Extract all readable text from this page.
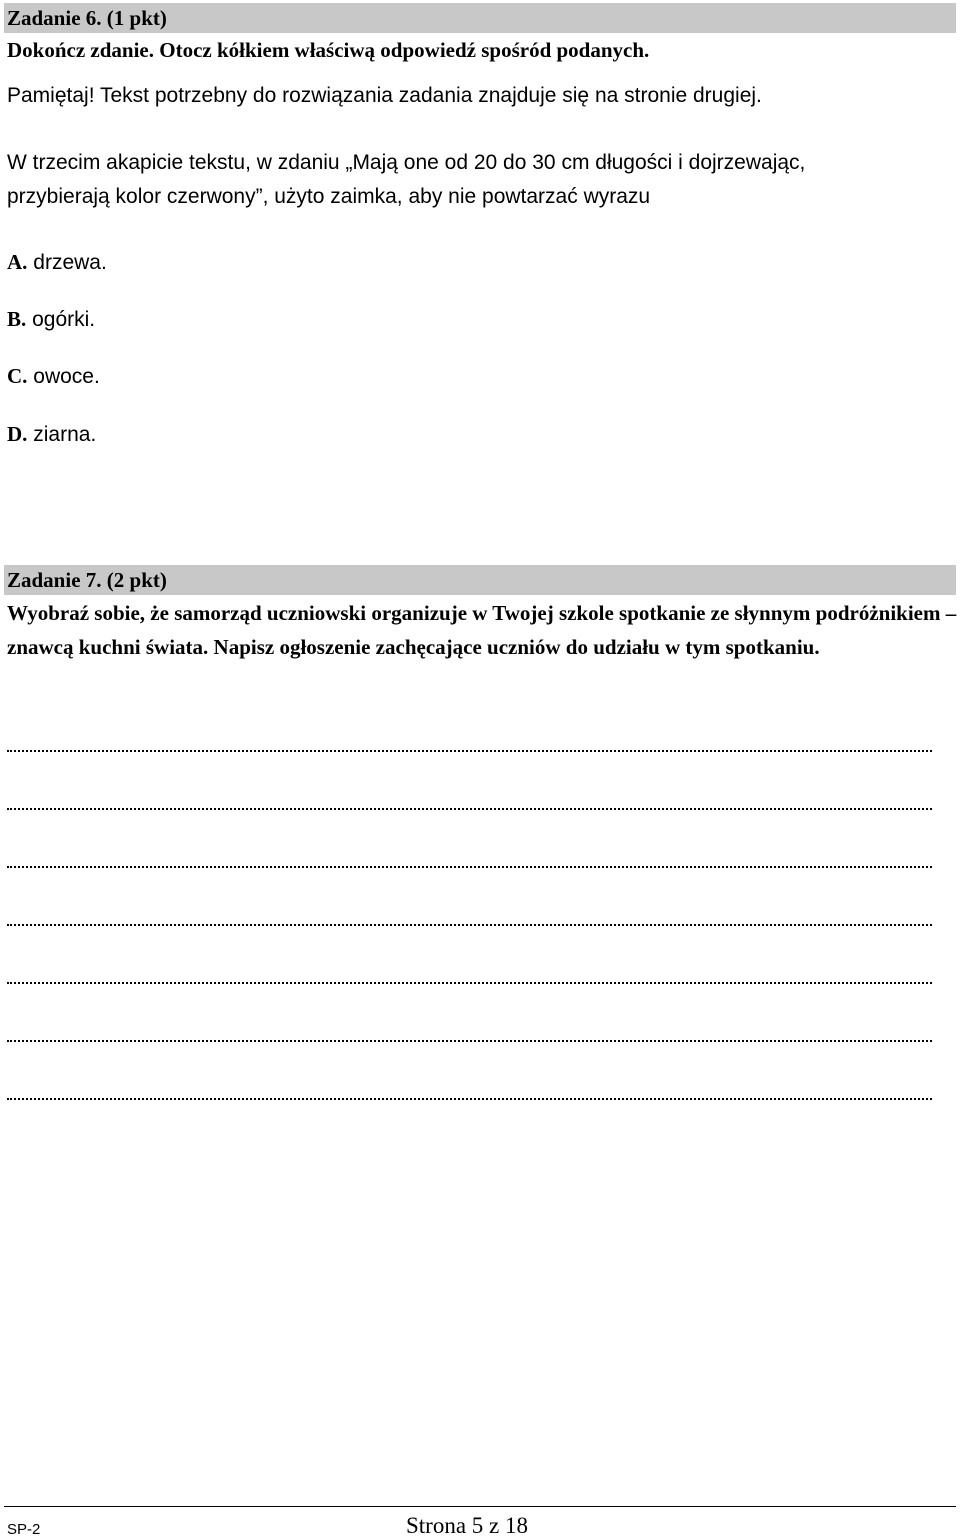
Zadanie 6. (1 pkt)
Dokończ zdanie. Otocz kółkiem właściwą odpowiedź spośród podanych.
Pamiętaj! Tekst potrzebny do rozwiązania zadania znajduje się na stronie drugiej.
W trzecim akapicie tekstu, w zdaniu „Mają one od 20 do 30 cm długości i dojrzewając,
przybierają kolor czerwony”, użyto zaimka, aby nie powtarzać wyrazu
A. drzewa.
B. ogórki.
C. owoce.
D. ziarna.
Zadanie 7. (2 pkt)
Wyobraź sobie, że samorząd uczniowski organizuje w Twojej szkole spotkanie ze słynnym podróżnikiem – znawcą kuchni świata. Napisz ogłoszenie zachęcające uczniów do udziału w tym spotkaniu.
SP-2	Strona 5 z 18
